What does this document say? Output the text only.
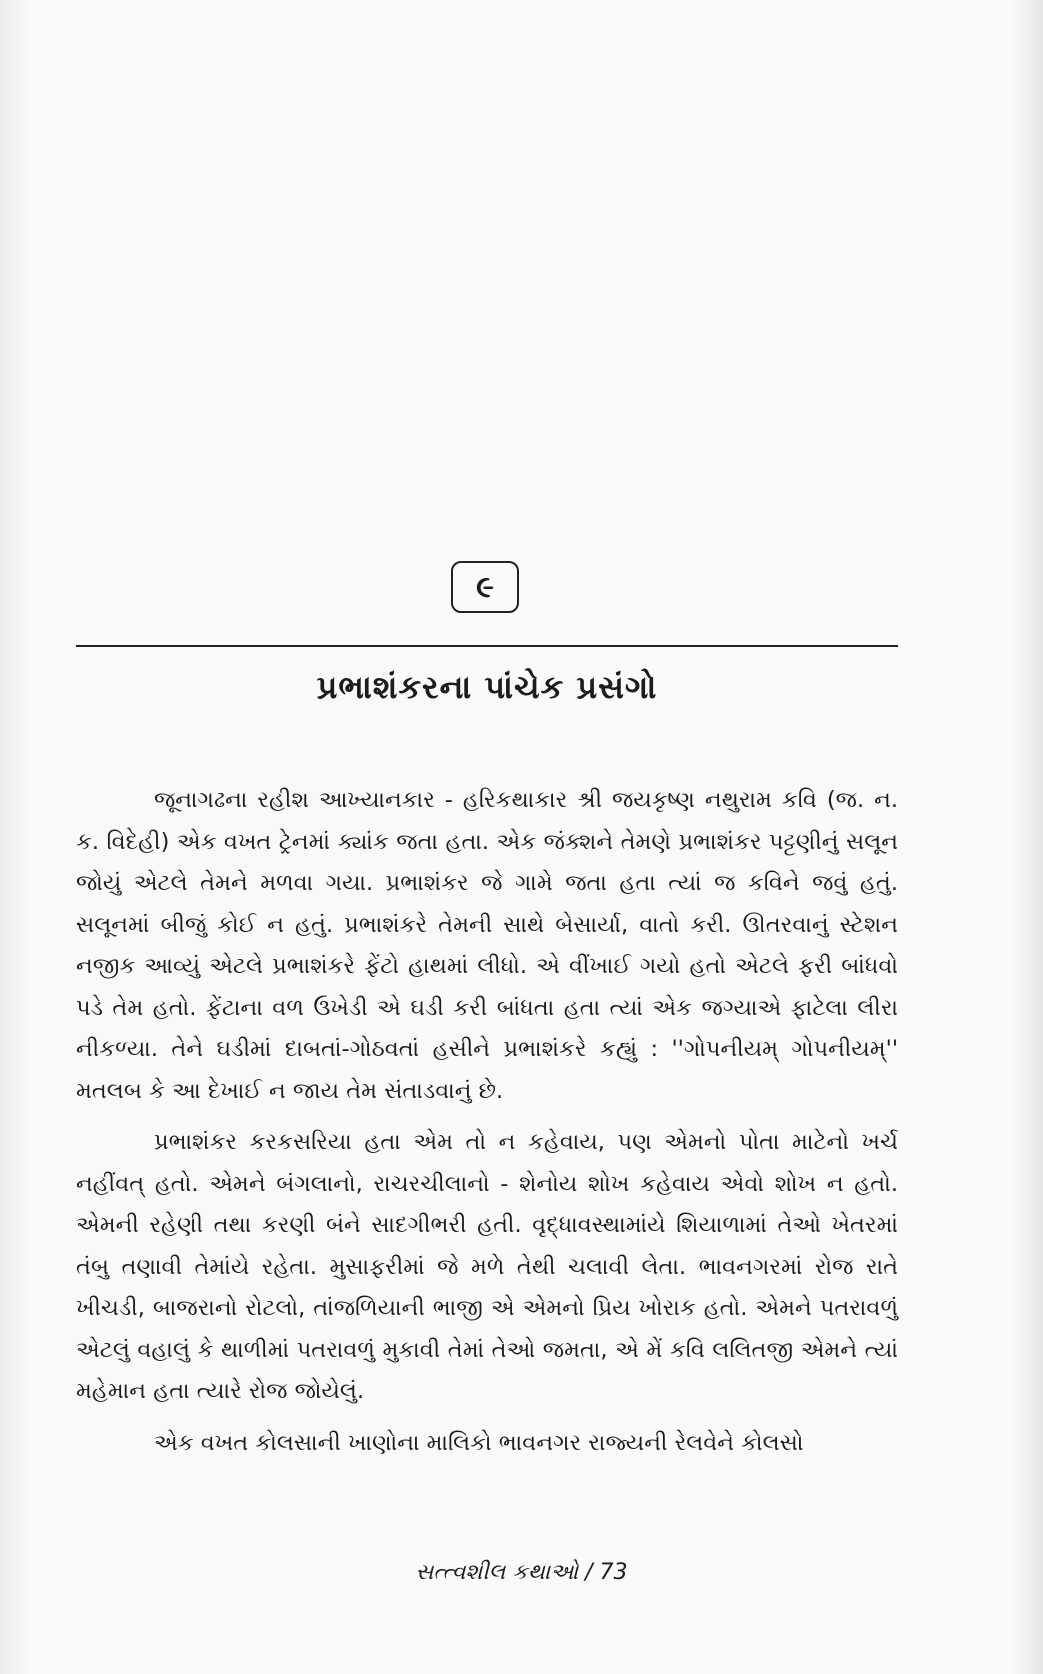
૯
પ્રભાશંકરના પાંચેક પ્રસંગો

જૂનાગઢના રહીશ આખ્યાનકાર - હરિકથાકાર શ્રી જયકૃષ્ણ નથુરામ કવિ (જ. ન. ક. વિદેહી) એક વખત ટ્રેનમાં ક્યાંક જતા હતા. એક જંક્શને તેમણે પ્રભાશંકર પટ્ટણીનું સલૂન જોયું એટલે તેમને મળવા ગયા. પ્રભાશંકર જે ગામે જતા હતા ત્યાં જ કવિને જવું હતું. સલૂનમાં બીજું કોઈ ન હતું. પ્રભાશંકરે તેમની સાથે બેસાર્યા, વાતો કરી. ઊતરવાનું સ્ટેશન નજીક આવ્યું એટલે પ્રભાશંકરે ફેંટો હાથમાં લીધો. એ વીંખાઈ ગયો હતો એટલે ફરી બાંધવો પડે તેમ હતો. ફેંટાના વળ ઉખેડી એ ઘડી કરી બાંધતા હતા ત્યાં એક જગ્યાએ ફાટેલા લીરા નીકળ્યા. તેને ઘડીમાં દાબતાં-ગોઠવતાં હસીને પ્રભાશંકરે કહ્યું : ''ગોપનીયમ્ ગોપનીયમ્'' મતલબ કે આ દેખાઈ ન જાય તેમ સંતાડવાનું છે.

પ્રભાશંકર કરકસરિયા હતા એમ તો ન કહેવાય, પણ એમનો પોતા માટેનો ખર્ચ નહીંવત્ હતો. એમને બંગલાનો, રાચરચીલાનો - શેનોય શોખ કહેવાય એવો શોખ ન હતો. એમની રહેણી તથા કરણી બંને સાદગીભરી હતી. વૃદ્ધાવસ્થામાંયે શિયાળામાં તેઓ ખેતરમાં તંબુ તણાવી તેમાંયે રહેતા. મુસાફરીમાં જે મળે તેથી ચલાવી લેતા. ભાવનગરમાં રોજ રાતે ખીચડી, બાજરાનો રોટલો, તાંજળિયાની ભાજી એ એમનો પ્રિય ખોરાક હતો. એમને પતરાવળું એટલું વહાલું કે થાળીમાં પતરાવળું મુકાવી તેમાં તેઓ જમતા, એ મેં કવિ લલિતજી એમને ત્યાં મહેમાન હતા ત્યારે રોજ જોયેલું.

એક વખત કોલસાની ખાણોના માલિકો ભાવનગર રાજ્યની રેલવેને કોલસો

સત્ત્વશીલ કથાઓ / 73
